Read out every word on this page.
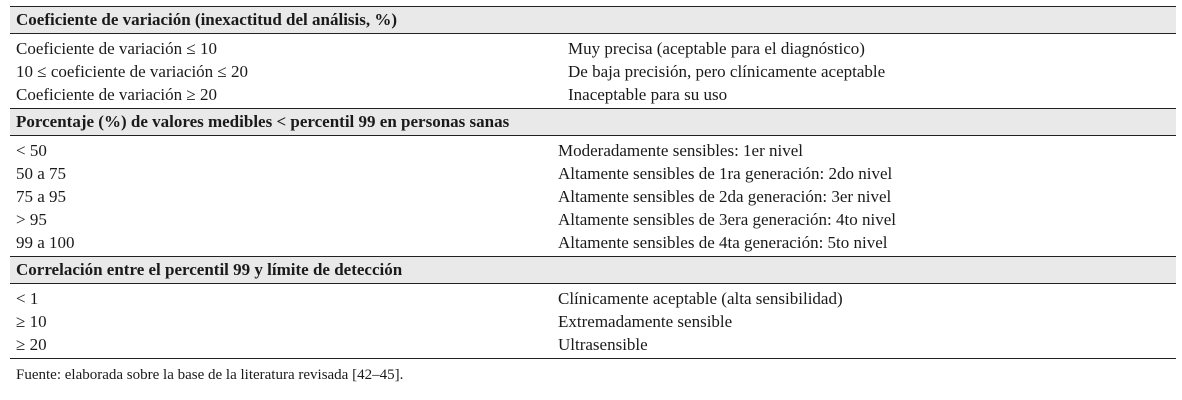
Coeficiente de variación (inexactitud del análisis, %)
Coeficiente de variación ≤ 10	Muy precisa (aceptable para el diagnóstico)
10 ≤ coeficiente de variación ≤ 20	De baja precisión, pero clínicamente aceptable
Coeficiente de variación ≥ 20	Inaceptable para su uso
Porcentaje (%) de valores medibles < percentil 99 en personas sanas
< 50	Moderadamente sensibles: 1er nivel
50 a 75	Altamente sensibles de 1ra generación: 2do nivel
75 a 95	Altamente sensibles de 2da generación: 3er nivel
> 95	Altamente sensibles de 3era generación: 4to nivel
99 a 100	Altamente sensibles de 4ta generación: 5to nivel
Correlación entre el percentil 99 y límite de detección
< 1	Clínicamente aceptable (alta sensibilidad)
≥ 10	Extremadamente sensible
≥ 20	Ultrasensible
Fuente: elaborada sobre la base de la literatura revisada [42–45].
